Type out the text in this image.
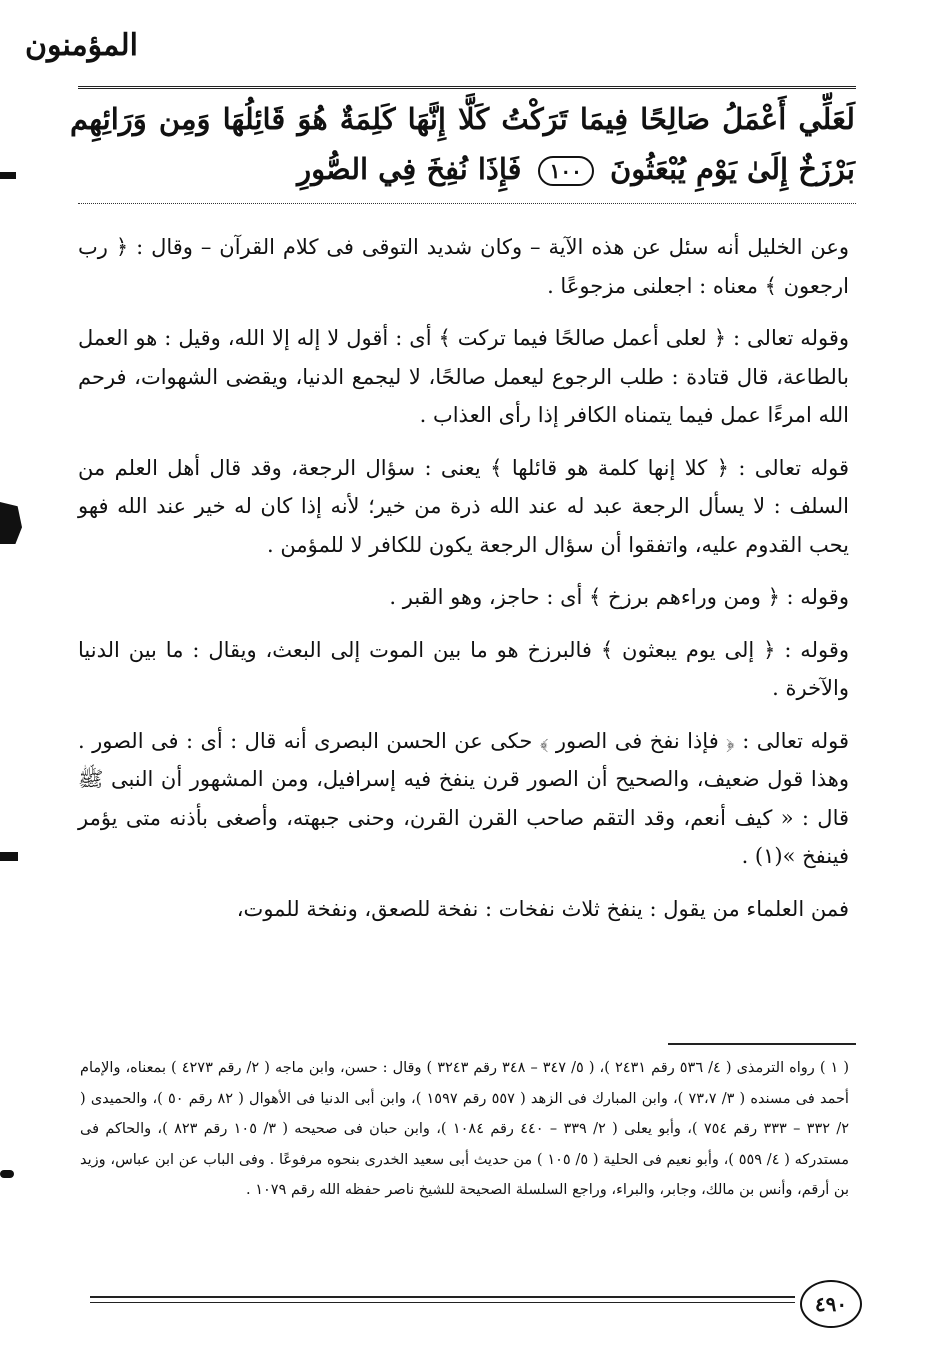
المؤمنون
لَعَلِّي أَعْمَلُ صَالِحًا فِيمَا تَرَكْتُ كَلَّا إِنَّهَا كَلِمَةٌ هُوَ قَائِلُهَا وَمِن وَرَائِهِم بَرْزَخٌ إِلَىٰ يَوْمِ يُبْعَثُونَ ١٠٠ فَإِذَا نُفِخَ فِي الصُّورِ

وعن الخليل أنه سئل عن هذه الآية – وكان شديد التوقى فى كلام القرآن – وقال : ﴿ رب ارجعون ﴾ معناه : اجعلنى مزجوعًا .

وقوله تعالى : ﴿ لعلى أعمل صالحًا فيما تركت ﴾ أى : أقول لا إله إلا الله، وقيل : هو العمل بالطاعة، قال قتادة : طلب الرجوع ليعمل صالحًا، لا ليجمع الدنيا، ويقضى الشهوات، فرحم الله امرءًا عمل فيما يتمناه الكافر إذا رأى العذاب .

قوله تعالى : ﴿ كلا إنها كلمة هو قائلها ﴾ يعنى : سؤال الرجعة، وقد قال أهل العلم من السلف : لا يسأل الرجعة عبد له عند الله ذرة من خير؛ لأنه إذا كان له خير عند الله فهو يحب القدوم عليه، واتفقوا أن سؤال الرجعة يكون للكافر لا للمؤمن .

وقوله : ﴿ ومن وراءهم برزخ ﴾ أى : حاجز، وهو القبر .

وقوله : ﴿ إلى يوم يبعثون ﴾ فالبرزخ هو ما بين الموت إلى البعث، ويقال : ما بين الدنيا والآخرة .

قوله تعالى : ﴿ فإذا نفخ فى الصور ﴾ حكى عن الحسن البصرى أنه قال : أى : فى الصور . وهذا قول ضعيف، والصحيح أن الصور قرن ينفخ فيه إسرافيل، ومن المشهور أن النبى ﷺ قال : « كيف أنعم، وقد التقم صاحب القرن القرن، وحنى جبهته، وأصغى بأذنه متى يؤمر فينفخ »(١) .

فمن العلماء من يقول : ينفخ ثلاث نفخات : نفخة للصعق، ونفخة للموت،

( ١ ) رواه الترمذى ( ٤/ ٥٣٦ رقم ٢٤٣١ )، ( ٥/ ٣٤٧ – ٣٤٨ رقم ٣٢٤٣ ) وقال : حسن، وابن ماجه ( ٢/ رقم ٤٢٧٣ ) بمعناه، والإمام أحمد فى مسنده ( ٣/ ٧٣،٧ )، وابن المبارك فى الزهد ( ٥٥٧ رقم ١٥٩٧ )، وابن أبى الدنيا فى الأهوال ( ٨٢ رقم ٥٠ )، والحميدى ( ٢/ ٣٣٢ – ٣٣٣ رقم ٧٥٤ )، وأبو يعلى ( ٢/ ٣٣٩ – ٤٤٠ رقم ١٠٨٤ )، وابن حبان فى صحيحه ( ٣/ ١٠٥ رقم ٨٢٣ )، والحاكم فى مستدركه ( ٤/ ٥٥٩ )، وأبو نعيم فى الحلية ( ٥/ ١٠٥ ) من حديث أبى سعيد الخدرى بنحوه مرفوعًا . وفى الباب عن ابن عباس، وزيد بن أرقم، وأنس بن مالك، وجابر، والبراء، وراجع السلسلة الصحيحة للشيخ ناصر حفظه الله رقم ١٠٧٩ .

٤٩٠
